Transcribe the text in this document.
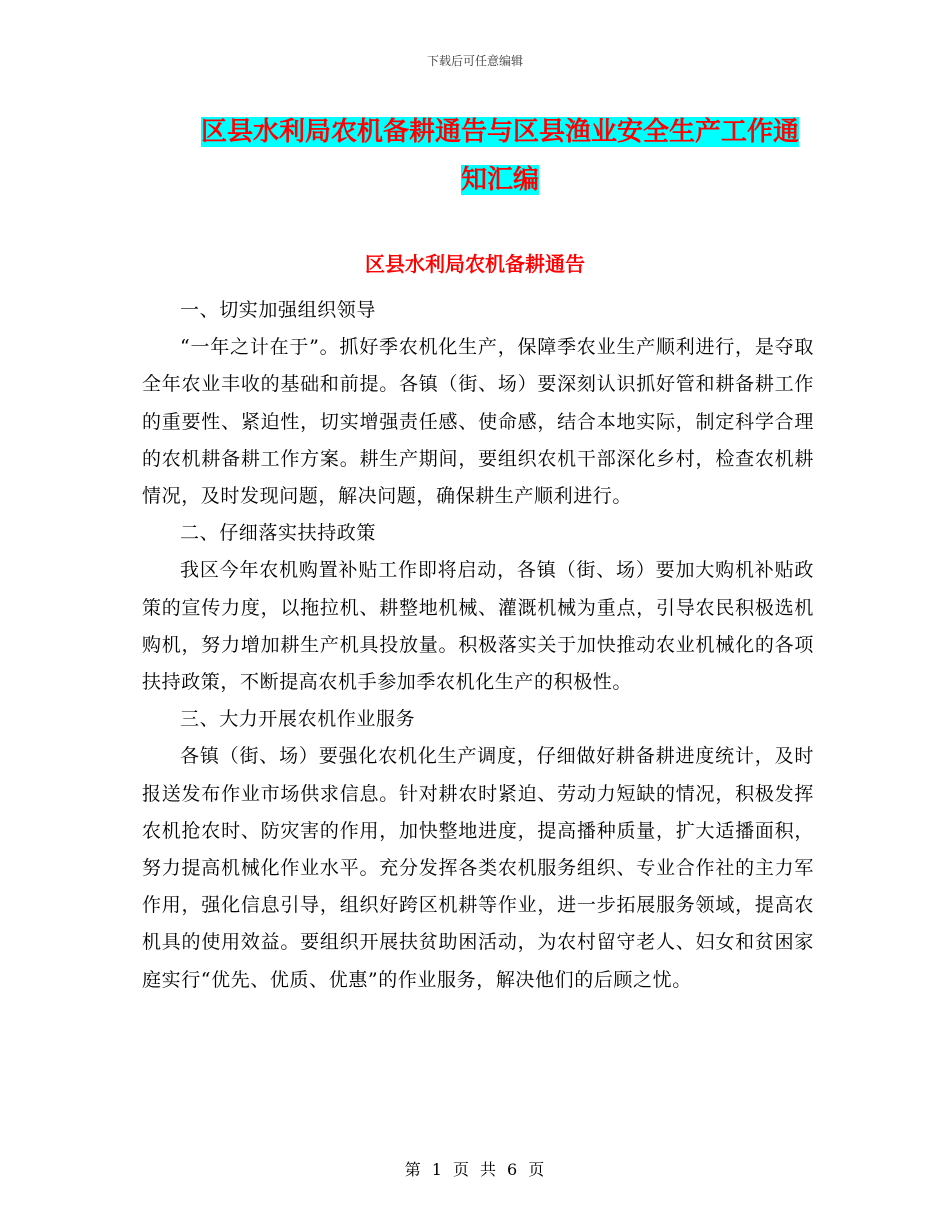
下载后可任意编辑
区县水利局农机备耕通告与区县渔业安全生产工作通
知汇编
区县水利局农机备耕通告

一、切实加强组织领导

“一年之计在于”。抓好季农机化生产，保障季农业生产顺利进行，是夺取全年农业丰收的基础和前提。各镇（街、场）要深刻认识抓好管和耕备耕工作的重要性、紧迫性，切实增强责任感、使命感，结合本地实际，制定科学合理的农机耕备耕工作方案。耕生产期间，要组织农机干部深化乡村，检查农机耕情况，及时发现问题，解决问题，确保耕生产顺利进行。

二、仔细落实扶持政策

我区今年农机购置补贴工作即将启动，各镇（街、场）要加大购机补贴政策的宣传力度，以拖拉机、耕整地机械、灌溉机械为重点，引导农民积极选机购机，努力增加耕生产机具投放量。积极落实关于加快推动农业机械化的各项扶持政策，不断提高农机手参加季农机化生产的积极性。

三、大力开展农机作业服务

各镇（街、场）要强化农机化生产调度，仔细做好耕备耕进度统计，及时报送发布作业市场供求信息。针对耕农时紧迫、劳动力短缺的情况，积极发挥农机抢农时、防灾害的作用，加快整地进度，提高播种质量，扩大适播面积，努力提高机械化作业水平。充分发挥各类农机服务组织、专业合作社的主力军作用，强化信息引导，组织好跨区机耕等作业，进一步拓展服务领域，提高农机具的使用效益。要组织开展扶贫助困活动，为农村留守老人、妇女和贫困家庭实行“优先、优质、优惠”的作业服务，解决他们的后顾之忧。

第 1 页 共 6 页
